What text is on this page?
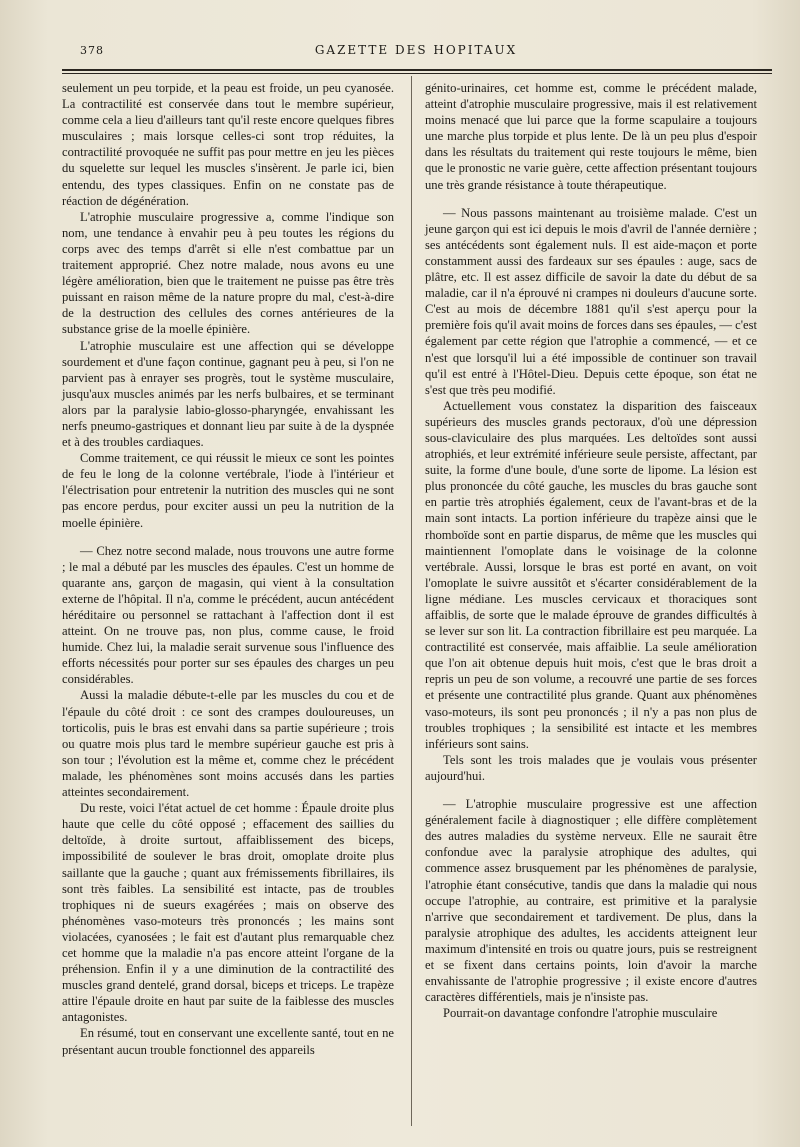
378	GAZETTE DES HOPITAUX

seulement un peu torpide, et la peau est froide, un peu cyanosée. La contractilité est conservée dans tout le membre supérieur, comme cela a lieu d'ailleurs tant qu'il reste encore quelques fibres musculaires ; mais lorsque celles-ci sont trop réduites, la contractilité provoquée ne suffit pas pour mettre en jeu les pièces du squelette sur lequel les muscles s'insèrent. Je parle ici, bien entendu, des types classiques. Enfin on ne constate pas de réaction de dégénération.

L'atrophie musculaire progressive a, comme l'indique son nom, une tendance à envahir peu à peu toutes les régions du corps avec des temps d'arrêt si elle n'est combattue par un traitement approprié. Chez notre malade, nous avons eu une légère amélioration, bien que le traitement ne puisse pas être très puissant en raison même de la nature propre du mal, c'est-à-dire de la destruction des cellules des cornes antérieures de la substance grise de la moelle épinière.

L'atrophie musculaire est une affection qui se développe sourdement et d'une façon continue, gagnant peu à peu, si l'on ne parvient pas à enrayer ses progrès, tout le système musculaire, jusqu'aux muscles animés par les nerfs bulbaires, et se terminant alors par la paralysie labio-glosso-pharyngée, envahissant les nerfs pneumo-gastriques et donnant lieu par suite à de la dyspnée et à des troubles cardiaques.

Comme traitement, ce qui réussit le mieux ce sont les pointes de feu le long de la colonne vertébrale, l'iode à l'intérieur et l'électrisation pour entretenir la nutrition des muscles qui ne sont pas encore perdus, pour exciter aussi un peu la nutrition de la moelle épinière.

— Chez notre second malade, nous trouvons une autre forme ; le mal a débuté par les muscles des épaules. C'est un homme de quarante ans, garçon de magasin, qui vient à la consultation externe de l'hôpital. Il n'a, comme le précédent, aucun antécédent héréditaire ou personnel se rattachant à l'affection dont il est atteint. On ne trouve pas, non plus, comme cause, le froid humide. Chez lui, la maladie serait survenue sous l'influence des efforts nécessités pour porter sur ses épaules des charges un peu considérables.

Aussi la maladie débute-t-elle par les muscles du cou et de l'épaule du côté droit : ce sont des crampes douloureuses, un torticolis, puis le bras est envahi dans sa partie supérieure ; trois ou quatre mois plus tard le membre supérieur gauche est pris à son tour ; l'évolution est la même et, comme chez le précédent malade, les phénomènes sont moins accusés dans les parties atteintes secondairement.

Du reste, voici l'état actuel de cet homme : Épaule droite plus haute que celle du côté opposé ; effacement des saillies du deltoïde, à droite surtout, affaiblissement des biceps, impossibilité de soulever le bras droit, omoplate droite plus saillante que la gauche ; quant aux frémissements fibrillaires, ils sont très faibles. La sensibilité est intacte, pas de troubles trophiques ni de sueurs exagérées ; mais on observe des phénomènes vaso-moteurs très prononcés ; les mains sont violacées, cyanosées ; le fait est d'autant plus remarquable chez cet homme que la maladie n'a pas encore atteint l'organe de la préhension. Enfin il y a une diminution de la contractilité des muscles grand dentelé, grand dorsal, biceps et triceps. Le trapèze attire l'épaule droite en haut par suite de la faiblesse des muscles antagonistes.

En résumé, tout en conservant une excellente santé, tout en ne présentant aucun trouble fonctionnel des appareils

génito-urinaires, cet homme est, comme le précédent malade, atteint d'atrophie musculaire progressive, mais il est relativement moins menacé que lui parce que la forme scapulaire a toujours une marche plus torpide et plus lente. De là un peu plus d'espoir dans les résultats du traitement qui reste toujours le même, bien que le pronostic ne varie guère, cette affection présentant toujours une très grande résistance à toute thérapeutique.

— Nous passons maintenant au troisième malade. C'est un jeune garçon qui est ici depuis le mois d'avril de l'année dernière ; ses antécédents sont également nuls. Il est aide-maçon et porte constamment aussi des fardeaux sur ses épaules : auge, sacs de plâtre, etc. Il est assez difficile de savoir la date du début de sa maladie, car il n'a éprouvé ni crampes ni douleurs d'aucune sorte. C'est au mois de décembre 1881 qu'il s'est aperçu pour la première fois qu'il avait moins de forces dans ses épaules, — c'est également par cette région que l'atrophie a commencé, — et ce n'est que lorsqu'il lui a été impossible de continuer son travail qu'il est entré à l'Hôtel-Dieu. Depuis cette époque, son état ne s'est que très peu modifié.

Actuellement vous constatez la disparition des faisceaux supérieurs des muscles grands pectoraux, d'où une dépression sous-claviculaire des plus marquées. Les deltoïdes sont aussi atrophiés, et leur extrémité inférieure seule persiste, affectant, par suite, la forme d'une boule, d'une sorte de lipome. La lésion est plus prononcée du côté gauche, les muscles du bras gauche sont en partie très atrophiés également, ceux de l'avant-bras et de la main sont intacts. La portion inférieure du trapèze ainsi que le rhomboïde sont en partie disparus, de même que les muscles qui maintiennent l'omoplate dans le voisinage de la colonne vertébrale. Aussi, lorsque le bras est porté en avant, on voit l'omoplate le suivre aussitôt et s'écarter considérablement de la ligne médiane. Les muscles cervicaux et thoraciques sont affaiblis, de sorte que le malade éprouve de grandes difficultés à se lever sur son lit. La contraction fibrillaire est peu marquée. La contractilité est conservée, mais affaiblie. La seule amélioration que l'on ait obtenue depuis huit mois, c'est que le bras droit a repris un peu de son volume, a recouvré une partie de ses forces et présente une contractilité plus grande. Quant aux phénomènes vaso-moteurs, ils sont peu prononcés ; il n'y a pas non plus de troubles trophiques ; la sensibilité est intacte et les membres inférieurs sont sains.

Tels sont les trois malades que je voulais vous présenter aujourd'hui.

— L'atrophie musculaire progressive est une affection généralement facile à diagnostiquer ; elle diffère complètement des autres maladies du système nerveux. Elle ne saurait être confondue avec la paralysie atrophique des adultes, qui commence assez brusquement par les phénomènes de paralysie, l'atrophie étant consécutive, tandis que dans la maladie qui nous occupe l'atrophie, au contraire, est primitive et la paralysie n'arrive que secondairement et tardivement. De plus, dans la paralysie atrophique des adultes, les accidents atteignent leur maximum d'intensité en trois ou quatre jours, puis se restreignent et se fixent dans certains points, loin d'avoir la marche envahissante de l'atrophie progressive ; il existe encore d'autres caractères différentiels, mais je n'insiste pas.

Pourrait-on davantage confondre l'atrophie musculaire
